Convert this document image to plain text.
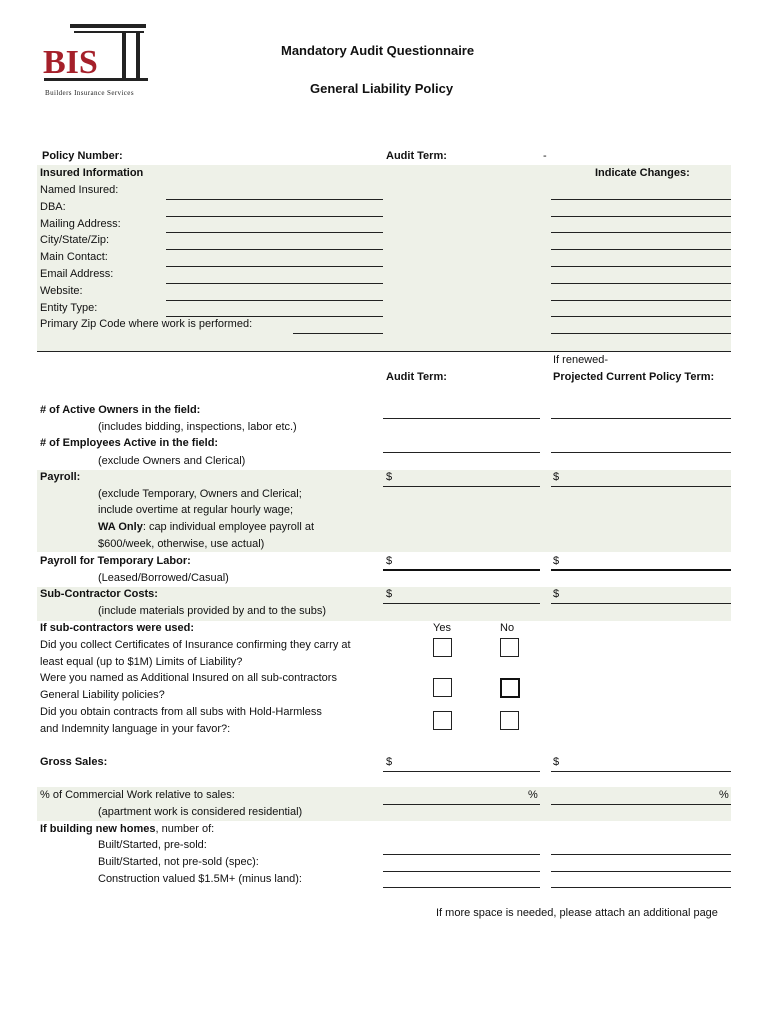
BIS
Builders Insurance Services
Mandatory Audit Questionnaire
General Liability Policy
Policy Number:	Audit Term:	-
Insured Information	Indicate Changes:
Named Insured:
DBA:
Mailing Address:
City/State/Zip:
Main Contact:
Email Address:
Website:
Entity Type:
Primary Zip Code where work is performed:
If renewed-
Audit Term:	Projected Current Policy Term:
# of Active Owners in the field:
(includes bidding, inspections, labor etc.)
# of Employees Active in the field:
(exclude Owners and Clerical)
Payroll:
(exclude Temporary, Owners and Clerical;
include overtime at regular hourly wage;
WA Only: cap individual employee payroll at
$600/week, otherwise, use actual)
$	$
Payroll for Temporary Labor:
(Leased/Borrowed/Casual)
$	$
Sub-Contractor Costs:
(include materials provided by and to the subs)
$	$
If sub-contractors were used:	Yes	No
Did you collect Certificates of Insurance confirming they carry at
least equal (up to $1M) Limits of Liability?
Were you named as Additional Insured on all sub-contractors
General Liability policies?
Did you obtain contracts from all subs with Hold-Harmless
and Indemnity language in your favor?:
Gross Sales:	$	$
% of Commercial Work relative to sales:
(apartment work is considered residential)
%	%
If building new homes, number of:
Built/Started, pre-sold:
Built/Started, not pre-sold (spec):
Construction valued $1.5M+ (minus land):
If more space is needed, please attach an additional page
